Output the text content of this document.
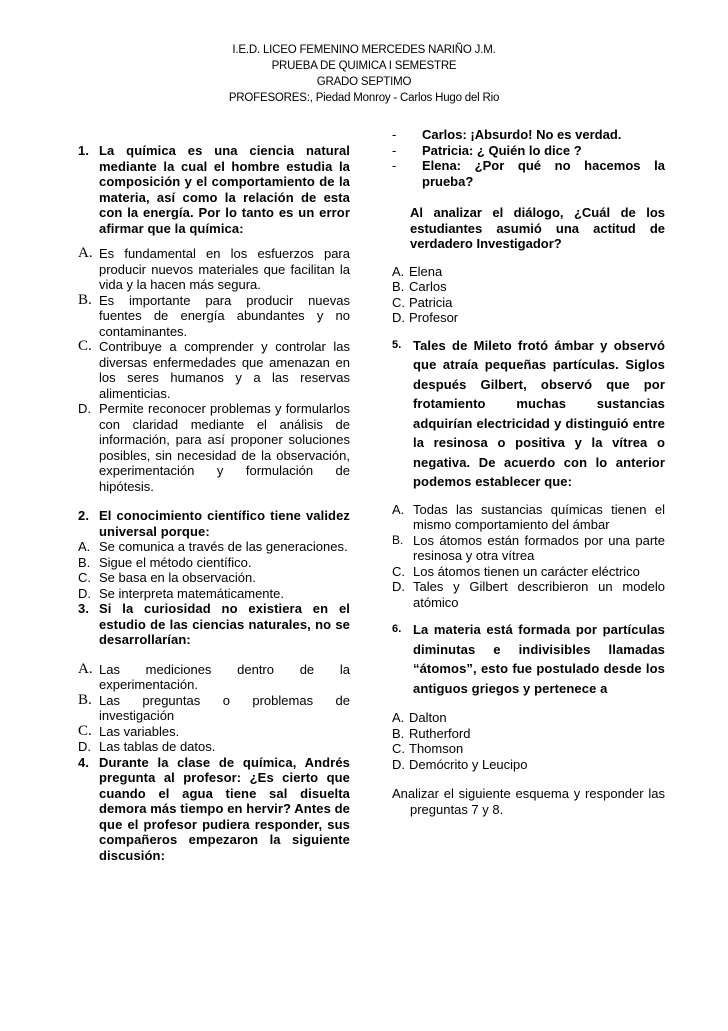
I.E.D. LICEO FEMENINO MERCEDES NARIÑO J.M.
PRUEBA DE QUIMICA I SEMESTRE
GRADO SEPTIMO
PROFESORES:, Piedad Monroy - Carlos Hugo del Rio
1. La química es una ciencia natural mediante la cual el hombre estudia la composición y el comportamiento de la materia, así como la relación de esta con la energía. Por lo tanto es un error afirmar que la química:
A. Es fundamental en los esfuerzos para producir nuevos materiales que facilitan la vida y la hacen más segura.
B. Es importante para producir nuevas fuentes de energía abundantes y no contaminantes.
C. Contribuye a comprender y controlar las diversas enfermedades que amenazan en los seres humanos y a las reservas alimenticias.
D. Permite reconocer problemas y formularlos con claridad mediante el análisis de información, para así proponer soluciones posibles, sin necesidad de la observación, experimentación y formulación de hipótesis.
2. El conocimiento científico tiene validez universal porque:
A. Se comunica a través de las generaciones.
B. Sigue el método científico.
C. Se basa en la observación.
D. Se interpreta matemáticamente.
3. Si la curiosidad no existiera en el estudio de las ciencias naturales, no se desarrollarían:
A. Las mediciones dentro de la experimentación.
B. Las preguntas o problemas de investigación
C. Las variables.
D. Las tablas de datos.
4. Durante la clase de química, Andrés pregunta al profesor: ¿Es cierto que cuando el agua tiene sal disuelta demora más tiempo en hervir? Antes de que el profesor pudiera responder, sus compañeros empezaron la siguiente discusión:
- Carlos: ¡Absurdo! No es verdad.
- Patricia: ¿ Quién lo dice ?
- Elena: ¿Por qué no hacemos la prueba?
Al analizar el diálogo, ¿Cuál de los estudiantes asumió una actitud de verdadero Investigador?
A. Elena
B. Carlos
C. Patricia
D. Profesor
5. Tales de Mileto frotó ámbar y observó que atraía pequeñas partículas. Siglos después Gilbert, observó que por frotamiento muchas sustancias adquirían electricidad y distinguió entre la resinosa o positiva y la vítrea o negativa. De acuerdo con lo anterior podemos establecer que:
A. Todas las sustancias químicas tienen el mismo comportamiento del ámbar
B. Los átomos están formados por una parte resinosa y otra vítrea
C. Los átomos tienen un carácter eléctrico
D. Tales y Gilbert describieron un modelo atómico
6. La materia está formada por partículas diminutas e indivisibles llamadas “átomos”, esto fue postulado desde los antiguos griegos y pertenece a
A. Dalton
B. Rutherford
C. Thomson
D. Demócrito y Leucipo
Analizar el siguiente esquema y responder las preguntas 7 y 8.
